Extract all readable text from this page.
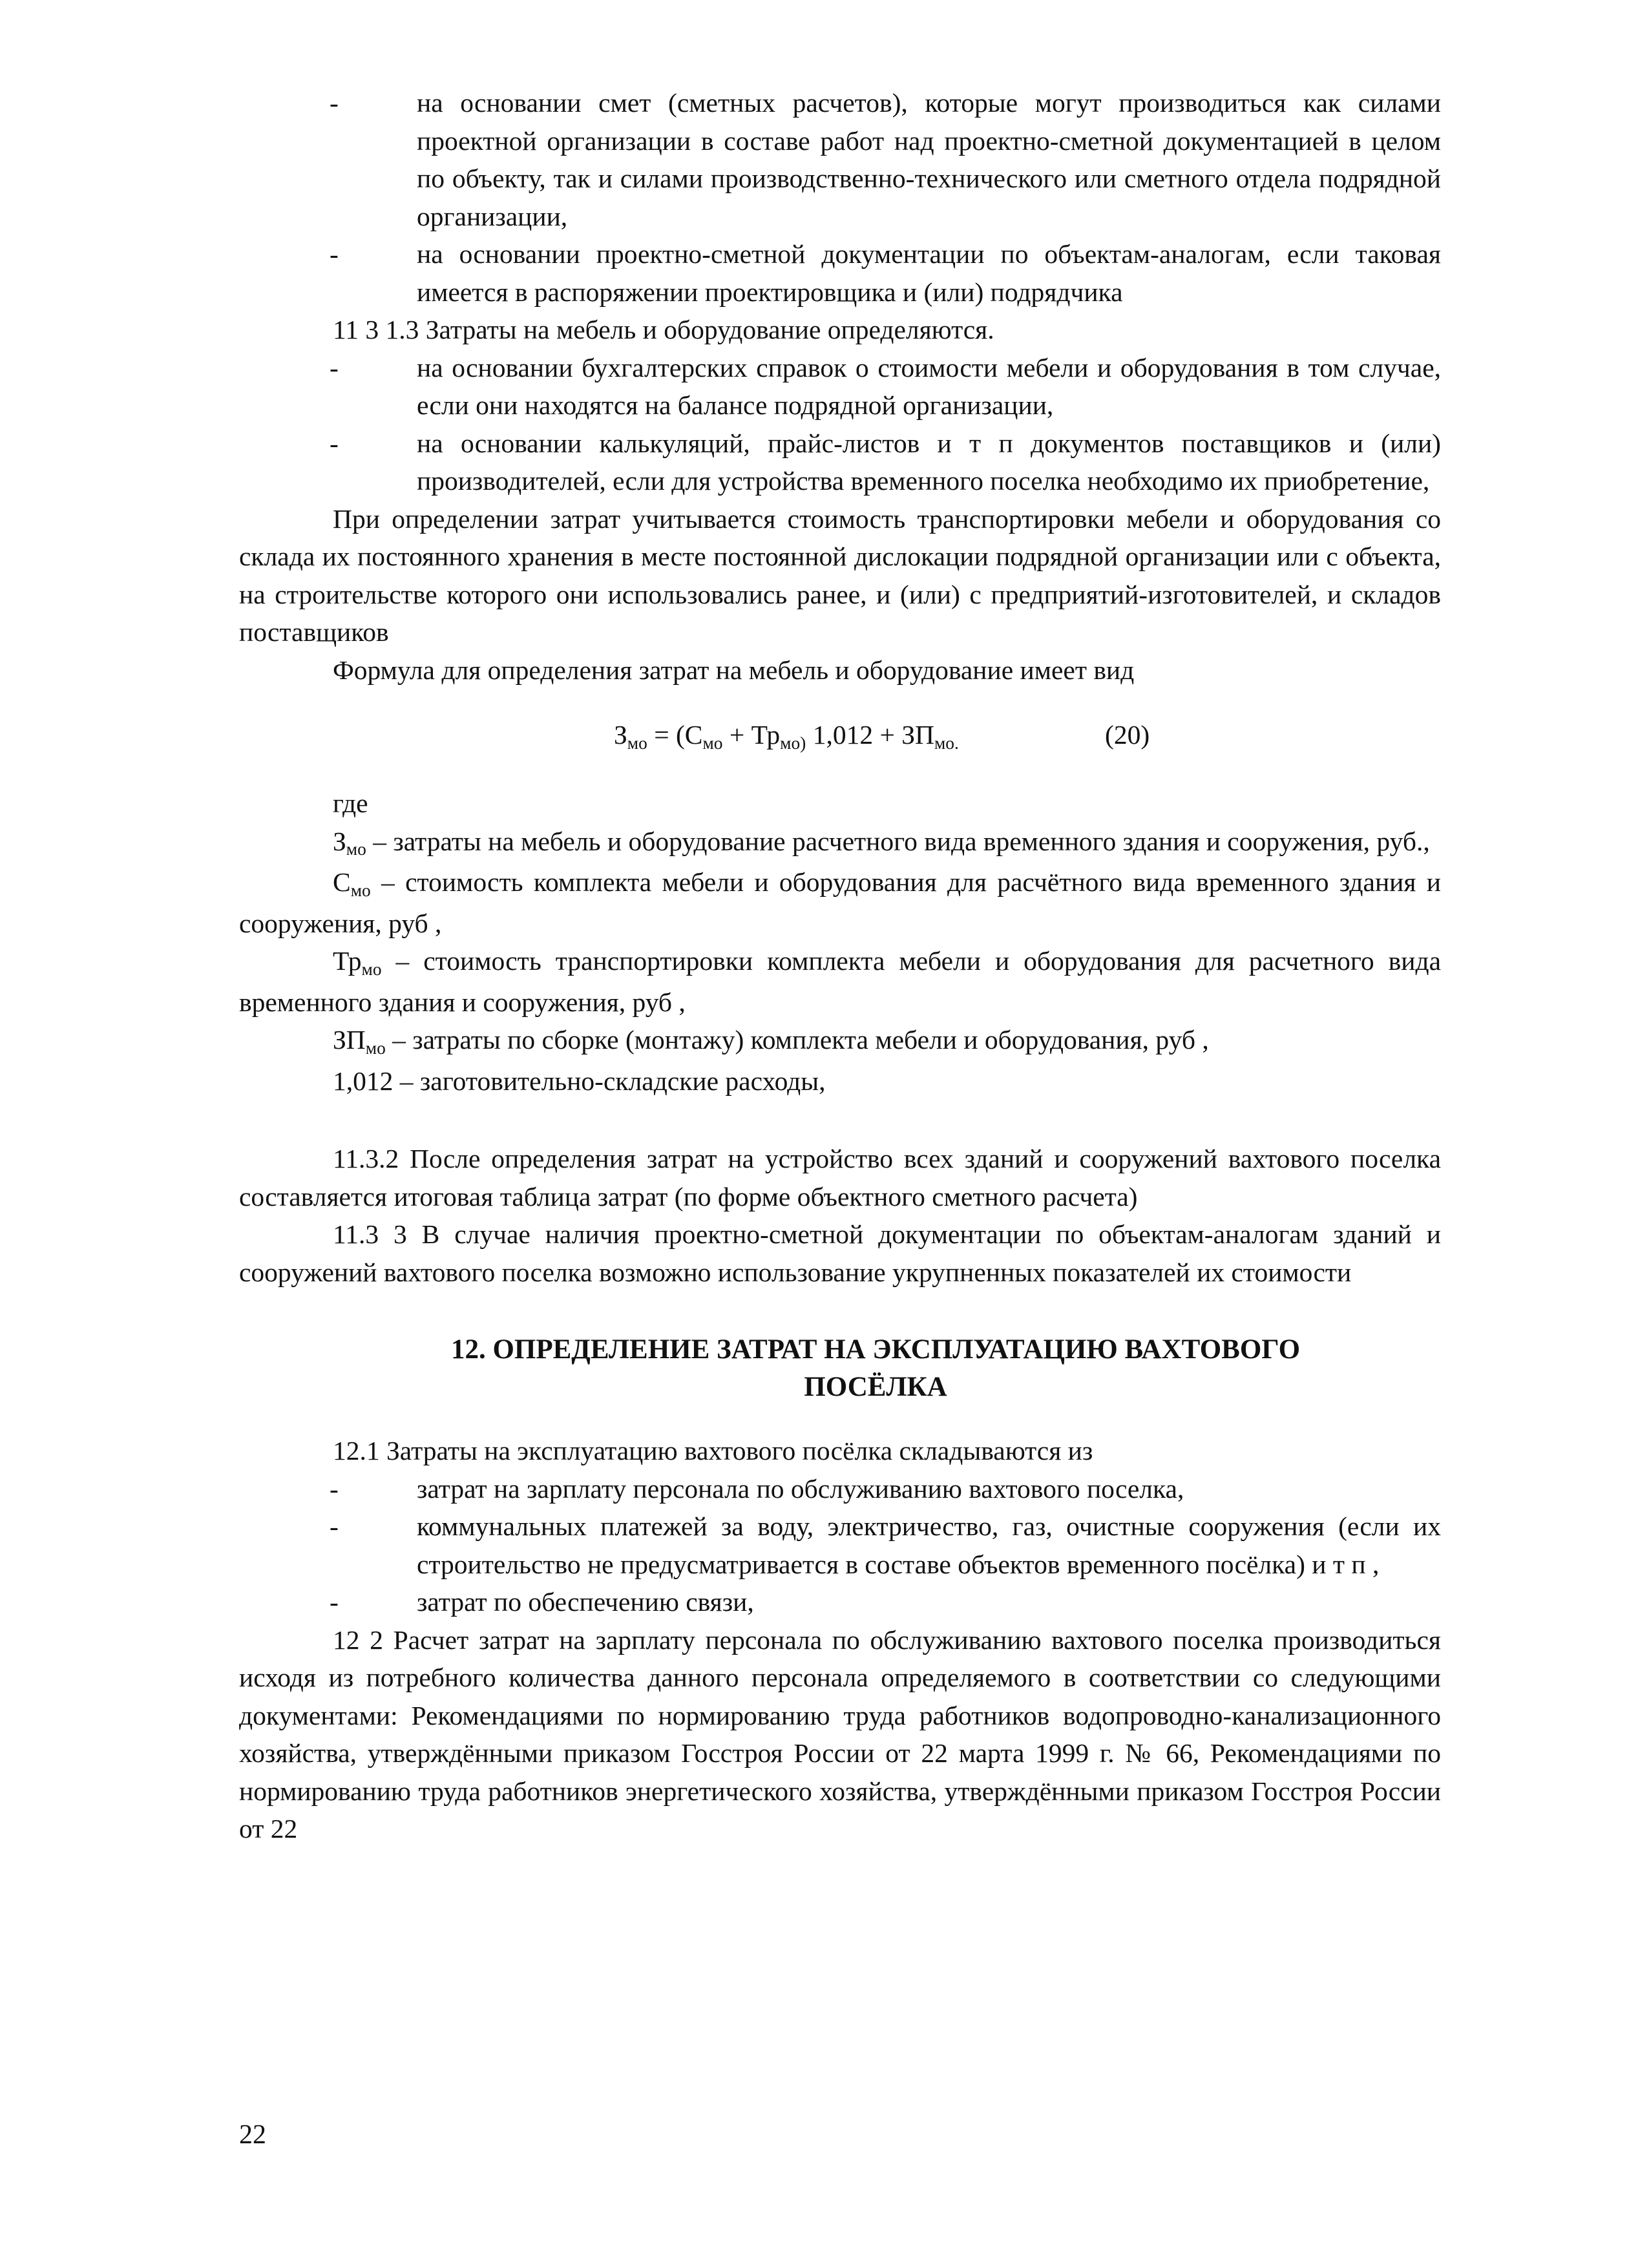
-	на основании смет (сметных расчетов), которые могут производиться как силами проектной организации в составе работ над проектно-сметной документацией в целом по объекту, так и силами производственно-технического или сметного отдела подрядной организации,
-	на основании проектно-сметной документации по объектам-аналогам, если таковая имеется в распоряжении проектировщика и (или) подрядчика

11 3 1.3 Затраты на мебель и оборудование определяются.

-	на основании бухгалтерских справок о стоимости мебели и оборудования в том случае, если они находятся на балансе подрядной организации,
-	на основании калькуляций, прайс-листов и т п документов поставщиков и (или) производителей, если для устройства временного поселка необходимо их приобретение,

При определении затрат учитывается стоимость транспортировки мебели и оборудования со склада их постоянного хранения в месте постоянной дислокации подрядной организации или с объекта, на строительстве которого они использовались ранее, и (или) с предприятий-изготовителей, и складов поставщиков

Формула для определения затрат на мебель и оборудование имеет вид

Змо = (Смо + Трмо) 1,012 + ЗПмо.	(20)

где

Змо – затраты на мебель и оборудование расчетного вида временного здания и сооружения, руб.,

Смо – стоимость комплекта мебели и оборудования для расчётного вида временного здания и сооружения, руб ,

Трмо – стоимость транспортировки комплекта мебели и оборудования для расчетного вида временного здания и сооружения, руб ,

ЗПмо – затраты по сборке (монтажу) комплекта мебели и оборудования, руб ,

1,012 – заготовительно-складские расходы,

11.3.2 После определения затрат на устройство всех зданий и сооружений вахтового поселка составляется итоговая таблица затрат (по форме объектного сметного расчета)

11.3 3 В случае наличия проектно-сметной документации по объектам-аналогам зданий и сооружений вахтового поселка возможно использование укрупненных показателей их стоимости

12. ОПРЕДЕЛЕНИЕ ЗАТРАТ НА ЭКСПЛУАТАЦИЮ ВАХТОВОГО

ПОСЁЛКА

12.1 Затраты на эксплуатацию вахтового посёлка складываются из

-	затрат на зарплату персонала по обслуживанию вахтового поселка,
-	коммунальных платежей за воду, электричество, газ, очистные сооружения (если их строительство не предусматривается в составе объектов временного посёлка) и т п ,
-	затрат по обеспечению связи,

12 2 Расчет затрат на зарплату персонала по обслуживанию вахтового поселка производиться исходя из потребного количества данного персонала определяемого в соответствии со следующими документами: Рекомендациями по нормированию труда работников водопроводно-канализационного хозяйства, утверждёнными приказом Госстроя России от 22 марта 1999 г. № 66, Рекомендациями по нормированию труда работников энергетического хозяйства, утверждёнными приказом Госстроя России от 22

22
